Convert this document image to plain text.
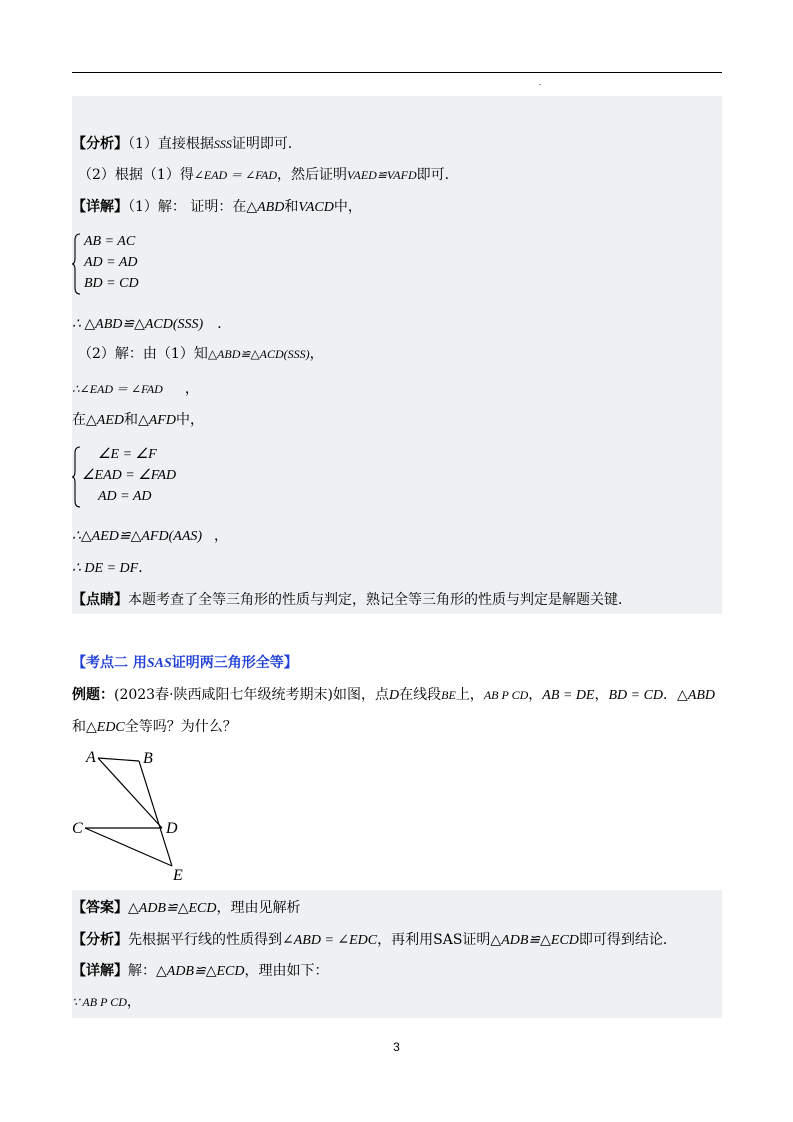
【分析】（1）直接根据SSS证明即可．
（2）根据（1）得∠EAD ＝ ∠FAD，然后证明VAED≌VAFD即可．
【详解】（1）解： 证明：在△ABD和VACD中，
AB = AC
AD = AD
BD = CD
∴ △ABD≌△ACD(SSS) ．
（2）解：由（1）知△ABD≌△ACD(SSS)，
∴∠EAD ＝ ∠FAD ，
在△AED和△AFD中，
∠E = ∠F
∠EAD = ∠FAD
AD = AD
∴△AED≌△AFD(AAS) ，
∴ DE = DF．
【点睛】本题考查了全等三角形的性质与判定，熟记全等三角形的性质与判定是解题关键．
【考点二 用SAS证明两三角形全等】
例题：(2023春·陕西咸阳七年级统考期末)如图，点D在线段BE上，AB P CD，AB = DE，BD = CD．△ABD
和△EDC全等吗？为什么？
A	B
C	D
E
【答案】△ADB≌△ECD，理由见解析
【分析】先根据平行线的性质得到∠ABD = ∠EDC，再利用SAS证明△ADB≌△ECD即可得到结论．
【详解】解：△ADB≌△ECD，理由如下：
∵ AB P CD，
3
